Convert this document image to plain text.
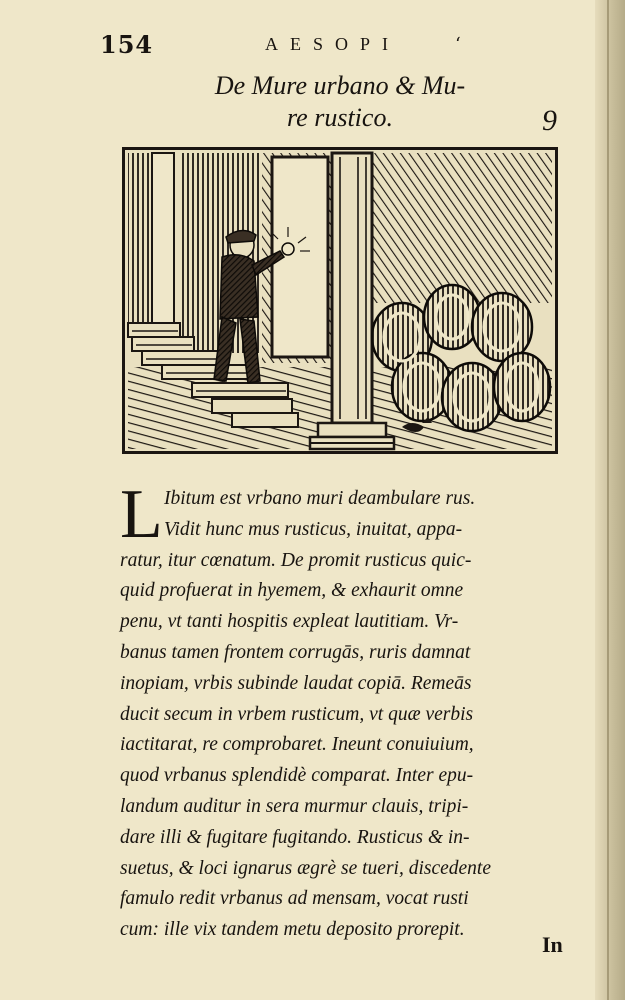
154	AESOPI	‘
De Mure urbano & Mu-
re rustico.	9
L Ibitum est vrbano muri deambulare rus.
Vidit hunc mus rusticus, inuitat, appa-
ratur, itur cœnatum. De promit rusticus quic-
quid profuerat in hyemem, & exhaurit omne
penu, vt tanti hospitis expleat lautitiam. Vr-
banus tamen frontem corrugās, ruris damnat
inopiam, vrbis subinde laudat copiā. Remeās
ducit secum in vrbem rusticum, vt quæ verbis
iactitarat, re comprobaret. Ineunt conuiuium,
quod vrbanus splendidè comparat. Inter epu-
landum auditur in sera murmur clauis, tripi-
dare illi & fugitare fugitando. Rusticus & in-
suetus, & loci ignarus ægrè se tueri, discedente
famulo redit vrbanus ad mensam, vocat rusti
cum: ille vix tandem metu deposito prorepit.
In
